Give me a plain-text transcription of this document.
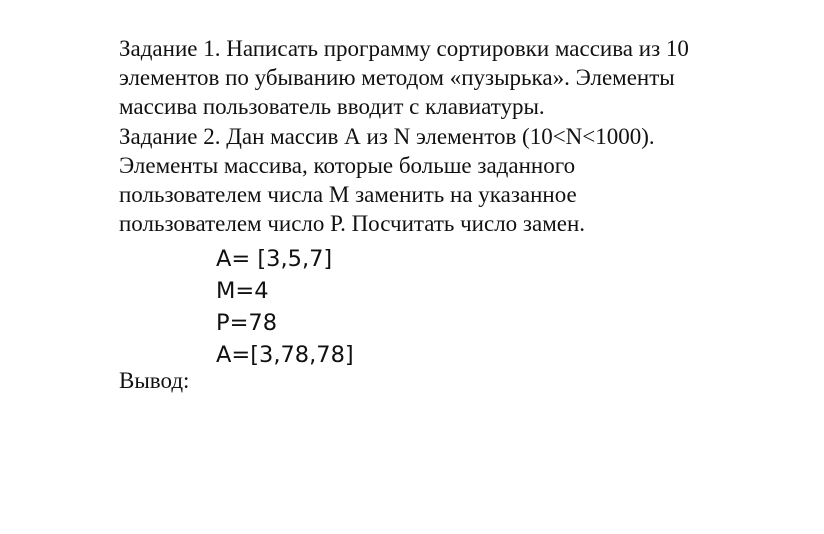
Задание 1. Написать программу сортировки массива из 10
элементов по убыванию методом «пузырька». Элементы
массива пользователь вводит с клавиатуры.
Задание 2. Дан массив А из N элементов (10<N<1000).
Элементы массива, которые больше заданного
пользователем числа М заменить на указанное
пользователем число Р. Посчитать число замен.
A= [3,5,7]
M=4
P=78
A=[3,78,78]
Вывод:
